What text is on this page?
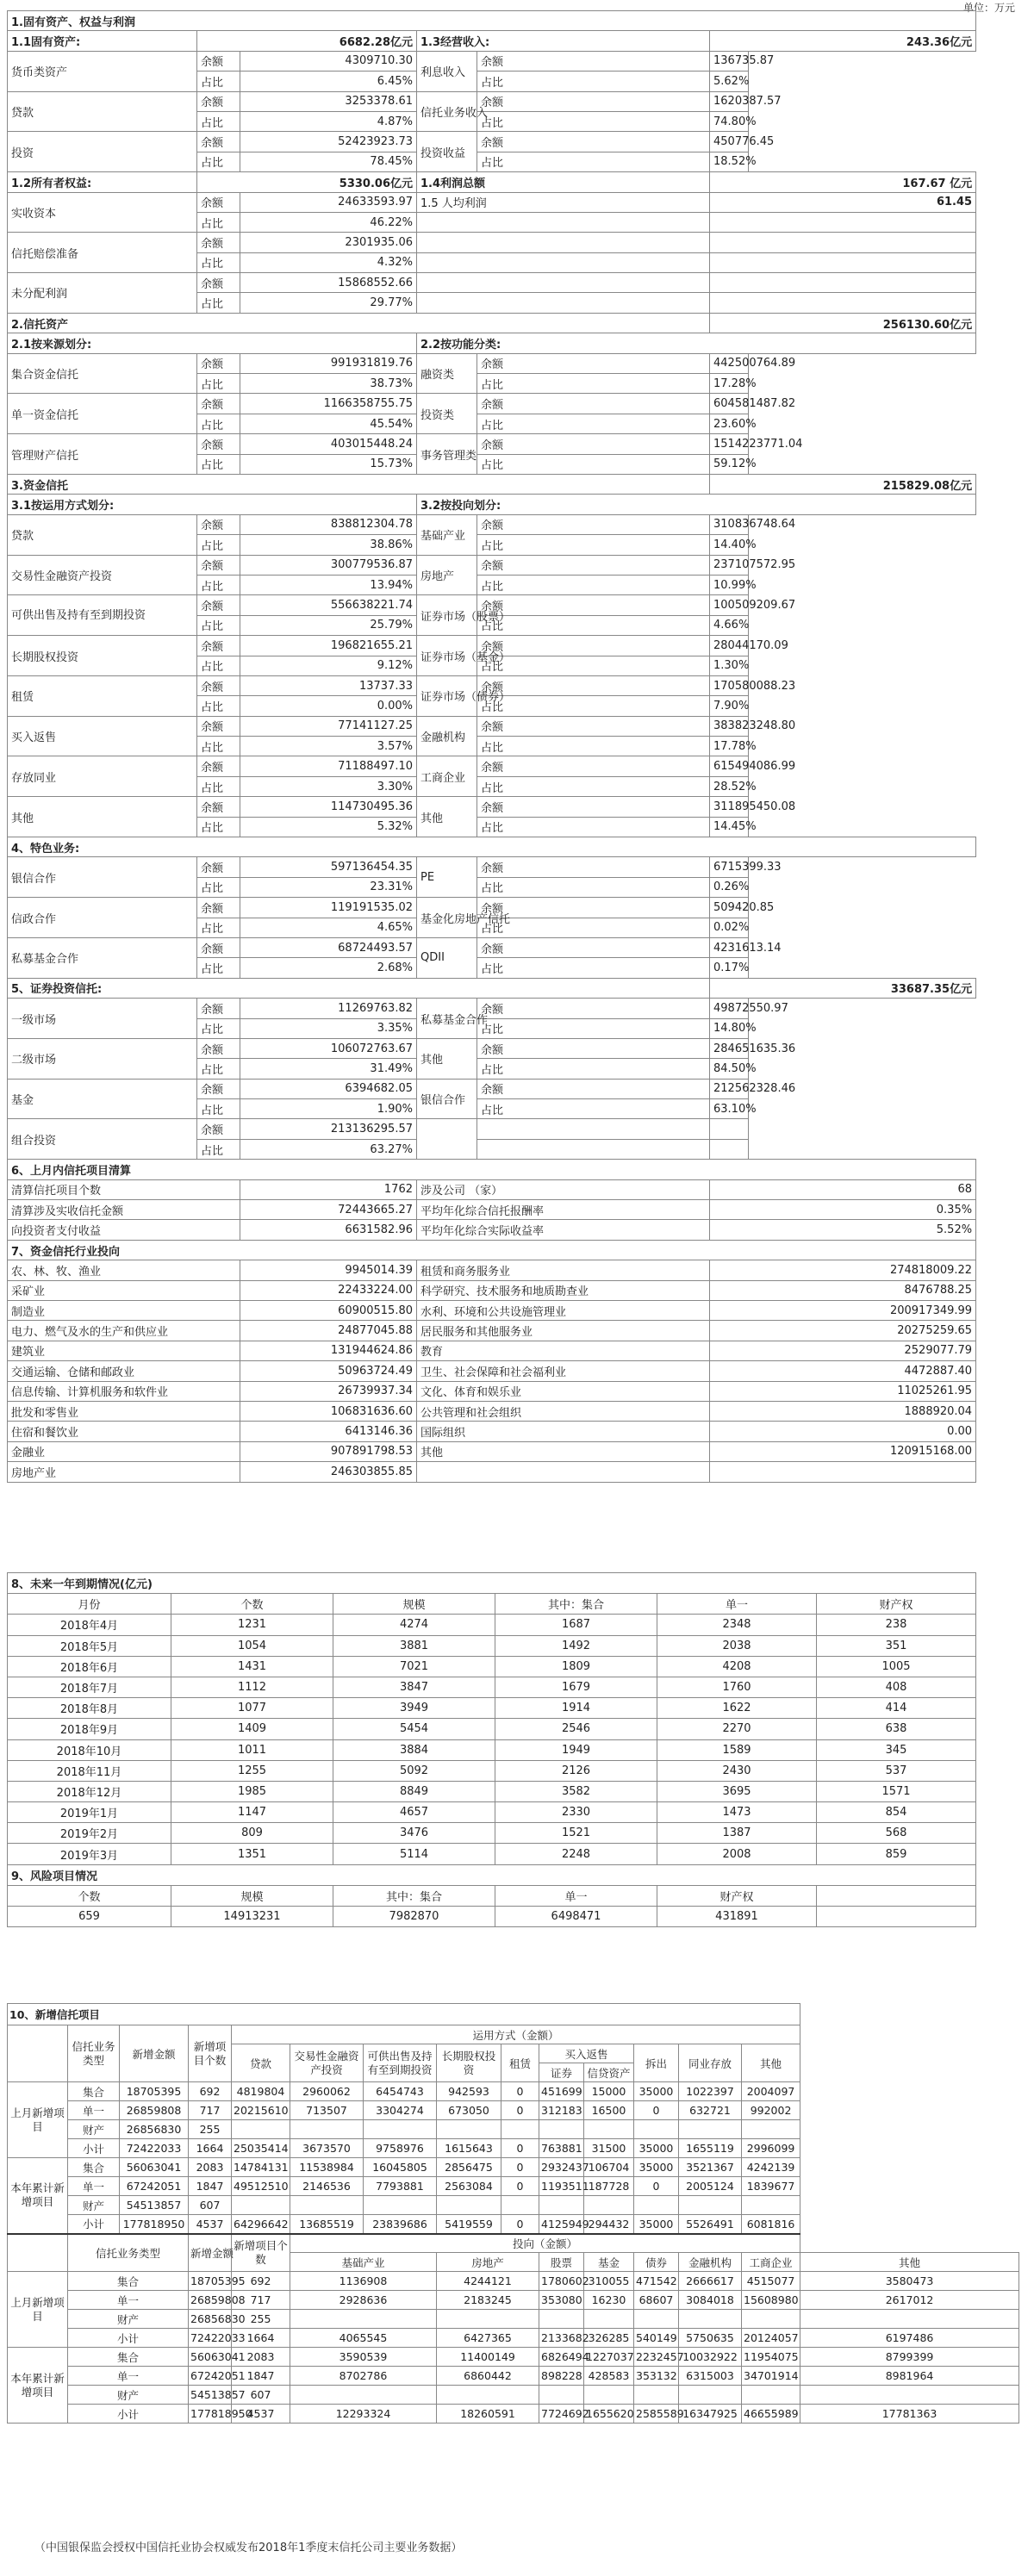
单位：万元
1.固有资产、权益与利润					
1.1固有资产:	6682.28亿元		1.3经营收入:		243.36亿元
货币类资产	余额	4309710.30	利息收入	余额	136735.87
	占比	6.45%		占比	5.62%
贷款	余额	3253378.61	信托业务收入	余额	1620387.57
	占比	4.87%		占比	74.80%
投资	余额	52423923.73	投资收益	余额	450776.45
	占比	78.45%		占比	18.52%
1.2所有者权益:	5330.06亿元		1.4利润总额		167.67 亿元
实收资本	余额	24633593.97	1.5 人均利润		61.45
	占比	46.22%			
信托赔偿准备	余额	2301935.06			
	占比	4.32%			
未分配利润	余额	15868552.66			
	占比	29.77%			
2.信托资产					256130.60亿元
2.1按来源划分:			2.2按功能分类:		
集合资金信托	余额	991931819.76	融资类	余额	442500764.89
	占比	38.73%		占比	17.28%
单一资金信托	余额	1166358755.75	投资类	余额	604581487.82
	占比	45.54%		占比	23.60%
管理财产信托	余额	403015448.24	事务管理类	余额	1514223771.04
	占比	15.73%		占比	59.12%
3.资金信托					215829.08亿元
3.1按运用方式划分:			3.2按投向划分:		
贷款	余额	838812304.78	基础产业	余额	310836748.64
	占比	38.86%		占比	14.40%
交易性金融资产投资	余额	300779536.87	房地产	余额	237107572.95
	占比	13.94%		占比	10.99%
可供出售及持有至到期投资	余额	556638221.74	证券市场（股票）	余额	100509209.67
	占比	25.79%		占比	4.66%
长期股权投资	余额	196821655.21	证券市场（基金）	余额	28044170.09
	占比	9.12%		占比	1.30%
租赁	余额	13737.33	证券市场（债券）	余额	170580088.23
	占比	0.00%		占比	7.90%
买入返售	余额	77141127.25	金融机构	余额	383823248.80
	占比	3.57%		占比	17.78%
存放同业	余额	71188497.10	工商企业	余额	615494086.99
	占比	3.30%		占比	28.52%
其他	余额	114730495.36	其他	余额	311895450.08
	占比	5.32%		占比	14.45%
4、特色业务:					
银信合作	余额	597136454.35	PE	余额	6715399.33
	占比	23.31%		占比	0.26%
信政合作	余额	119191535.02	基金化房地产信托	余额	509420.85
	占比	4.65%		占比	0.02%
私募基金合作	余额	68724493.57	QDII	余额	4231613.14
	占比	2.68%		占比	0.17%
5、证券投资信托:					33687.35亿元
一级市场	余额	11269763.82	私募基金合作	余额	49872550.97
	占比	3.35%		占比	14.80%
二级市场	余额	106072763.67	其他	余额	284651635.36
	占比	31.49%		占比	84.50%
基金	余额	6394682.05	银信合作	余额	212562328.46
	占比	1.90%		占比	63.10%
组合投资	余额	213136295.57			
	占比	63.27%			
6、上月内信托项目清算					
清算信托项目个数		1762	涉及公司 （家）		68
清算涉及实收信托金额		72443665.27	平均年化综合信托报酬率		0.35%
向投资者支付收益		6631582.96	平均年化综合实际收益率		5.52%
7、资金信托行业投向					
农、林、牧、渔业		9945014.39	租赁和商务服务业		274818009.22
采矿业		22433224.00	科学研究、技术服务和地质勘查业		8476788.25
制造业		60900515.80	水利、环境和公共设施管理业		200917349.99
电力、燃气及水的生产和供应业		24877045.88	居民服务和其他服务业		20275259.65
建筑业		131944624.86	教育		2529077.79
交通运输、仓储和邮政业		50963724.49	卫生、社会保障和社会福利业		4472887.40
信息传输、计算机服务和软件业		26739937.34	文化、体育和娱乐业		11025261.95
批发和零售业		106831636.60	公共管理和社会组织		1888920.04
住宿和餐饮业		6413146.36	国际组织		0.00
金融业		907891798.53	其他		120915168.00
房地产业		246303855.85			
8、未来一年到期情况(亿元)					
月份	个数	规模	其中：集合	单一	财产权
2018年4月	1231	4274	1687	2348	238
2018年5月	1054	3881	1492	2038	351
2018年6月	1431	7021	1809	4208	1005
2018年7月	1112	3847	1679	1760	408
2018年8月	1077	3949	1914	1622	414
2018年9月	1409	5454	2546	2270	638
2018年10月	1011	3884	1949	1589	345
2018年11月	1255	5092	2126	2430	537
2018年12月	1985	8849	3582	3695	1571
2019年1月	1147	4657	2330	1473	854
2019年2月	809	3476	1521	1387	568
2019年3月	1351	5114	2248	2008	859
9、风险项目情况					
个数	规模	其中：集合	单一	财产权	
659	14913231	7982870	6498471	431891	
10、新增信托项目														
	信托业务类型	新增金额	新增项目个数	运用方式（金额）										
				贷款	交易性金融资产投资	可供出售及持有至到期投资	长期股权投资	租赁	买入返售		拆出	同业存放	其他	
									证券	信贷资产				
上月新增项目	集合	18705395	692	4819804	2960062	6454743	942593	0	451699	15000	35000	1022397	2004097	
	单一	26859808	717	20215610	713507	3304274	673050	0	312183	16500	0	632721	992002	
	财产	26856830	255											
	小计	72422033	1664	25035414	3673570	9758976	1615643	0	763881	31500	35000	1655119	2996099	
本年累计新增项目	集合	56063041	2083	14784131	11538984	16045805	2856475	0	2932437	106704	35000	3521367	4242139	
	单一	67242051	1847	49512510	2146536	7793881	2563084	0	1193511	187728	0	2005124	1839677	
	财产	54513857	607											
	小计	177818950	4537	64296642	13685519	23839686	5419559	0	4125949	294432	35000	5526491	6081816	
	信托业务类型		新增金额	新增项目个数	投向（金额）									
					基础产业		房地产		股票	基金	债券	金融机构	工商企业	其他
上月新增项目	集合		18705395	692	1136908		4244121		1780602	310055	471542	2666617	4515077	3580473
	单一		26859808	717	2928636		2183245		353080	16230	68607	3084018	15608980	2617012
	财产		26856830	255										
	小计		72422033	1664	4065545		6427365		2133682	326285	540149	5750635	20124057	6197486
本年累计新增项目	集合		56063041	2083	3590539		11400149		6826494	1227037	2232457	10032922	11954075	8799399
	单一		67242051	1847	8702786		6860442		898228	428583	353132	6315003	34701914	8981964
	财产		54513857	607										
	小计		177818950	4537	12293324		18260591		7724692	1655620	2585589	16347925	46655989	17781363
（中国银保监会授权中国信托业协会权威发布2018年1季度末信托公司主要业务数据）
